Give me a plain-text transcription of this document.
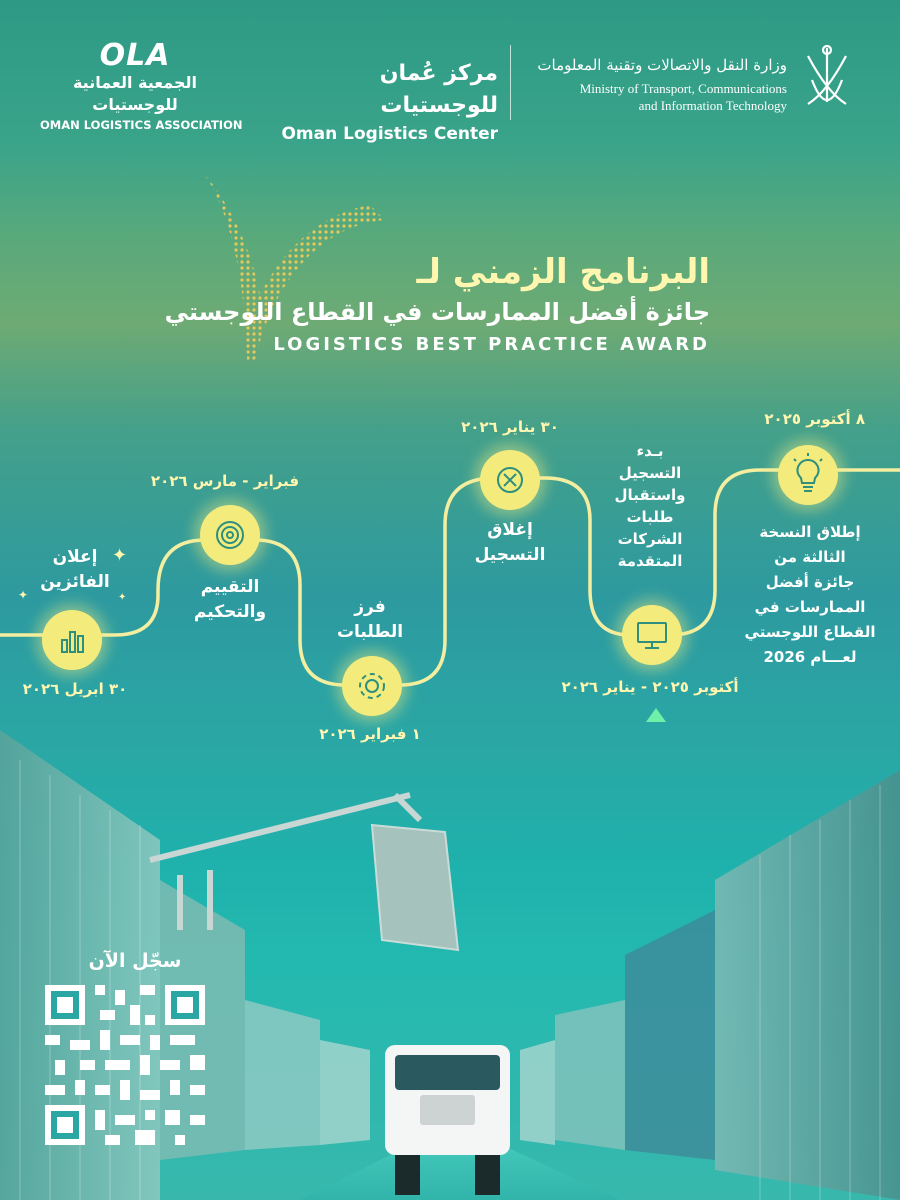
OLA
الجمعية العمانية للوجستيات
OMAN LOGISTICS ASSOCIATION
مركز عُمان للوجستيات
Oman Logistics Center
وزارة النقل والاتصالات وتقنية المعلومات
Ministry of Transport, Communications
and Information Technology
البرنامج الزمني لـ
جائزة أفضل الممارسات في القطاع اللوجستي
LOGISTICS BEST PRACTICE AWARD
٨ أكتوبر ٢٠٢٥
إطلاق النسخة
الثالثة من
جائزة أفضل
الممارسات في
القطاع اللوجستي
لعـــام 2026
بـدء
التسجيل
واستقبال
طلبات
الشركات
المتقدمة
أكتوبر ٢٠٢٥ - يناير ٢٠٢٦
٣٠ يناير ٢٠٢٦
إغلاق
التسجيل
فرز
الطلبات
١ فبراير ٢٠٢٦
فبراير - مارس ٢٠٢٦
التقييم
والتحكيم
إعلان
الفائزين
٣٠ ابريل ٢٠٢٦
✦
✦	✦
سجّل الآن
